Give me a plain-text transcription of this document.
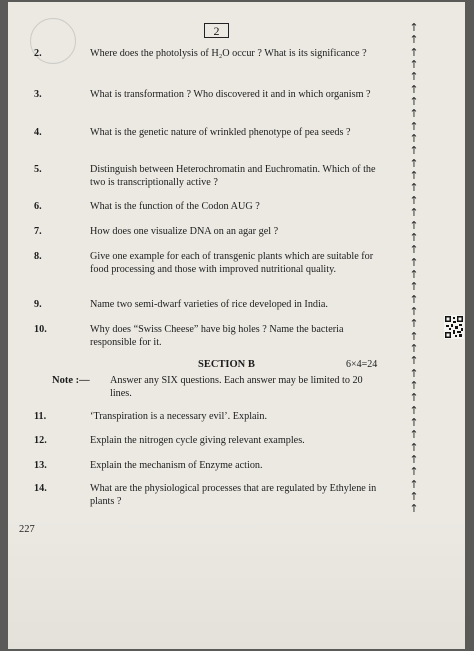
2
2.	Where does the photolysis of H₂O occur ? What is its significance ?
3.	What is transformation ? Who discovered it and in which organism ?
4.	What is the genetic nature of wrinkled phenotype of pea seeds ?
5.	Distinguish between Heterochromatin and Euchromatin. Which of the two is transcriptionally active ?
6.	What is the function of the Codon AUG ?
7.	How does one visualize DNA on an agar gel ?
8.	Give one example for each of transgenic plants which are suitable for food processing and those with improved nutritional quality.
9.	Name two semi-dwarf varieties of rice developed in India.
10.	Why does “Swiss Cheese” have big holes ? Name the bacteria responsible for it.
SECTION B	6×4=24
Note :— Answer any SIX questions. Each answer may be limited to 20 lines.
11.	‘Transpiration is a necessary evil’. Explain.
12.	Explain the nitrogen cycle giving relevant examples.
13.	Explain the mechanism of Enzyme action.
14.	What are the physiological processes that are regulated by Ethylene in plants ?
227
↑
↑
↑
↑
↑
↑
↑
↑
↑
↑
↑
↑
↑
↑
↑
↑
↑
↑
↑
↑
↑
↑
↑
↑
↑
↑
↑
↑
↑
↑
↑
↑
↑
↑
↑
↑
↑
↑
↑
↑
